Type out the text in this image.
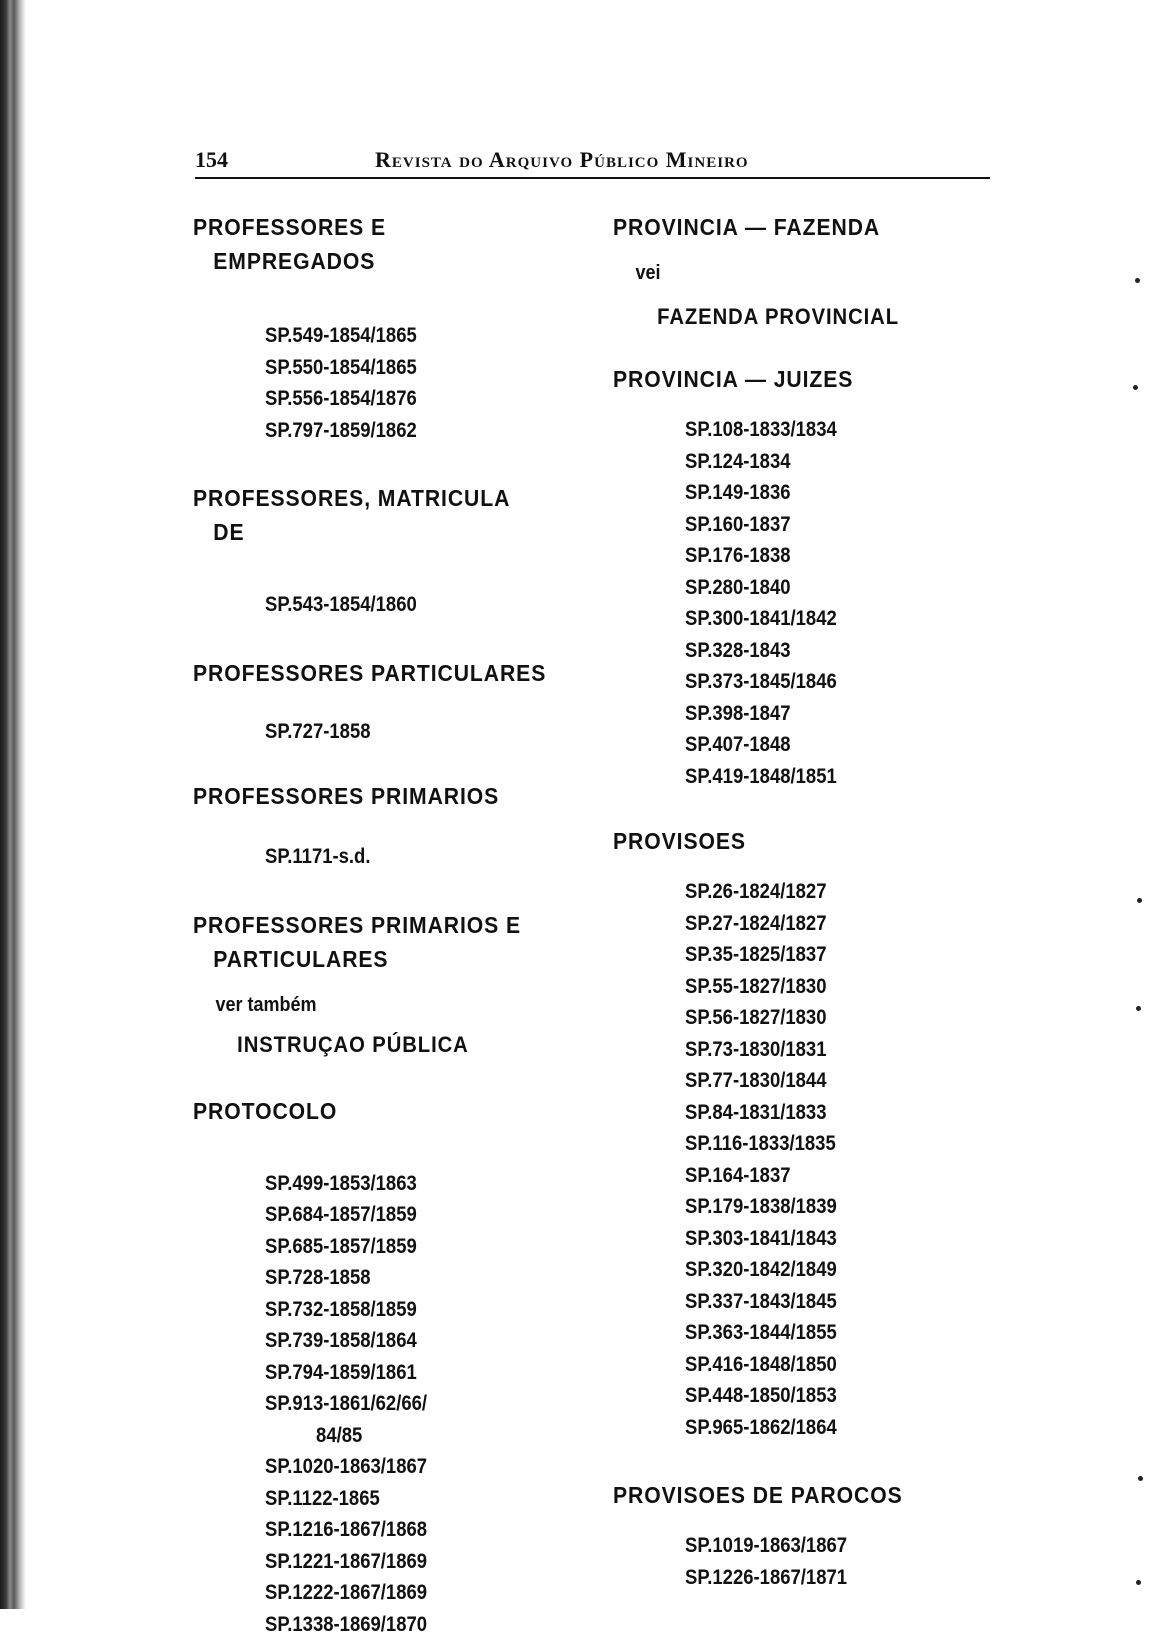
154	Revista do Arquivo Público Mineiro
PROFESSORES E
EMPREGADOS
SP.549-1854/1865
SP.550-1854/1865
SP.556-1854/1876
SP.797-1859/1862
PROFESSORES, MATRICULA
DE
SP.543-1854/1860
PROFESSORES PARTICULARES
SP.727-1858
PROFESSORES PRIMARIOS
SP.1171-s.d.
PROFESSORES PRIMARIOS E
PARTICULARES
ver também
INSTRUÇAO PÚBLICA
PROTOCOLO
SP.499-1853/1863
SP.684-1857/1859
SP.685-1857/1859
SP.728-1858
SP.732-1858/1859
SP.739-1858/1864
SP.794-1859/1861
SP.913-1861/62/66/
84/85
SP.1020-1863/1867
SP.1122-1865
SP.1216-1867/1868
SP.1221-1867/1869
SP.1222-1867/1869
SP.1338-1869/1870
PROVINCIA — FAZENDA
vei
FAZENDA PROVINCIAL
PROVINCIA — JUIZES
SP.108-1833/1834
SP.124-1834
SP.149-1836
SP.160-1837
SP.176-1838
SP.280-1840
SP.300-1841/1842
SP.328-1843
SP.373-1845/1846
SP.398-1847
SP.407-1848
SP.419-1848/1851
PROVISOES
SP.26-1824/1827
SP.27-1824/1827
SP.35-1825/1837
SP.55-1827/1830
SP.56-1827/1830
SP.73-1830/1831
SP.77-1830/1844
SP.84-1831/1833
SP.116-1833/1835
SP.164-1837
SP.179-1838/1839
SP.303-1841/1843
SP.320-1842/1849
SP.337-1843/1845
SP.363-1844/1855
SP.416-1848/1850
SP.448-1850/1853
SP.965-1862/1864
PROVISOES DE PAROCOS
SP.1019-1863/1867
SP.1226-1867/1871
